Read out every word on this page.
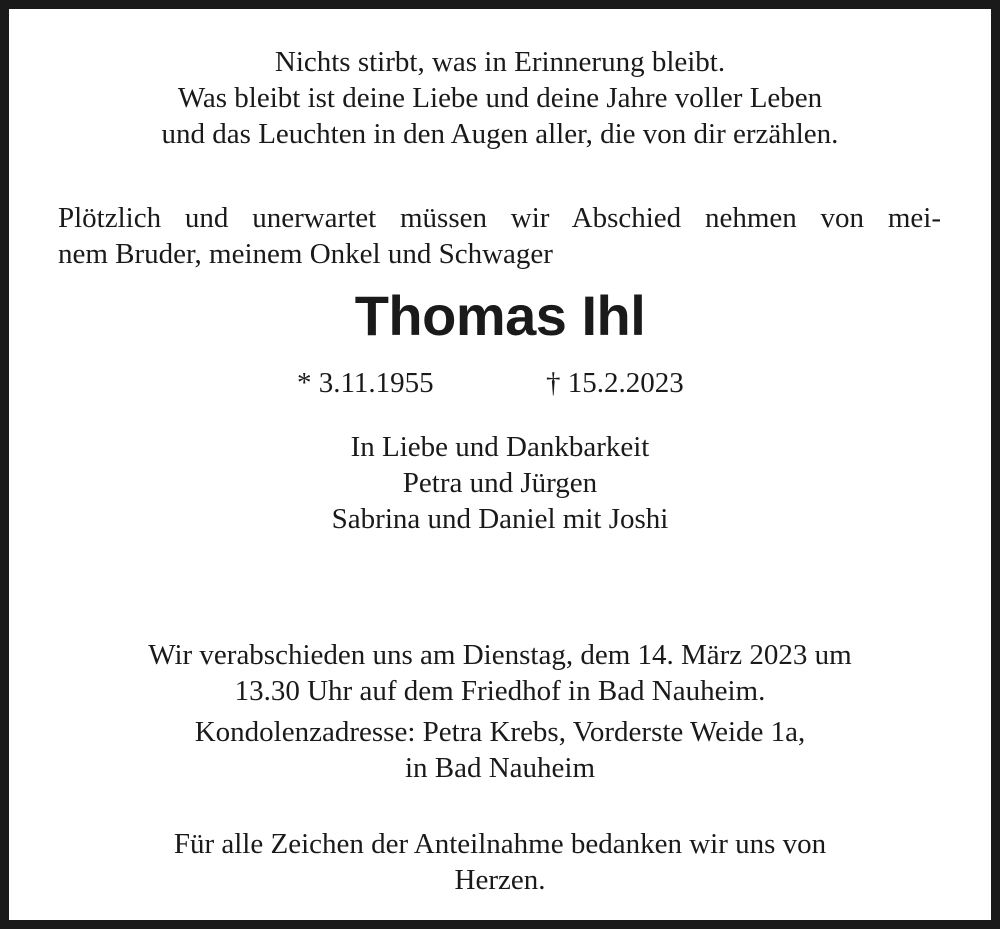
Nichts stirbt, was in Erinnerung bleibt.
Was bleibt ist deine Liebe und deine Jahre voller Leben
und das Leuchten in den Augen aller, die von dir erzählen.
Plötzlich und unerwartet müssen wir Abschied nehmen von mei-
nem Bruder, meinem Onkel und Schwager
Thomas Ihl
* 3.11.1955	† 15.2.2023
In Liebe und Dankbarkeit
Petra und Jürgen
Sabrina und Daniel mit Joshi
Wir verabschieden uns am Dienstag, dem 14. März 2023 um
13.30 Uhr auf dem Friedhof in Bad Nauheim.
Kondolenzadresse: Petra Krebs, Vorderste Weide 1a,
in Bad Nauheim
Für alle Zeichen der Anteilnahme bedanken wir uns von
Herzen.
